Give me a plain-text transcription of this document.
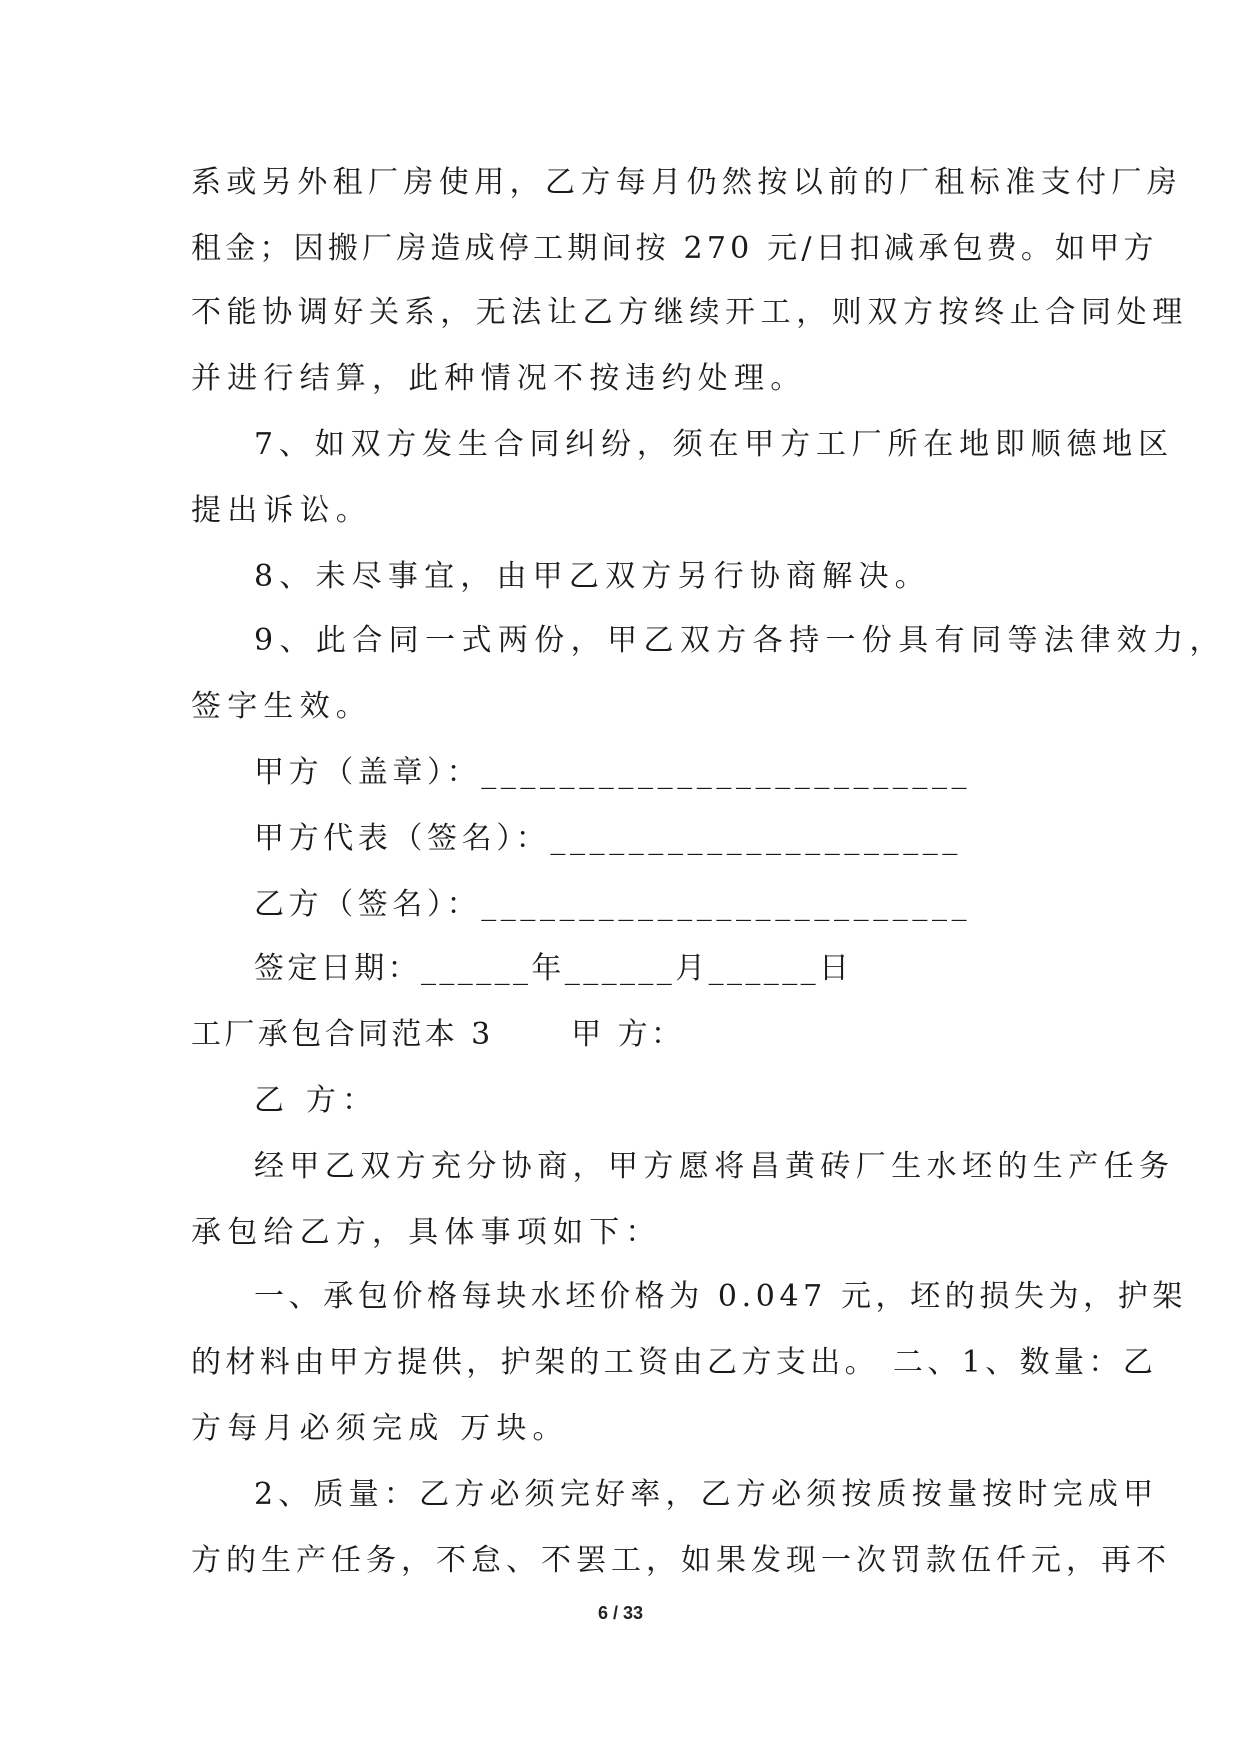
系或另外租厂房使用，乙方每月仍然按以前的厂租标准支付厂房
租金；因搬厂房造成停工期间按 270 元/日扣减承包费。如甲方
不能协调好关系，无法让乙方继续开工，则双方按终止合同处理
并进行结算，此种情况不按违约处理。
7、如双方发生合同纠纷，须在甲方工厂所在地即顺德地区
提出诉讼。
8、未尽事宜，由甲乙双方另行协商解决。
9、此合同一式两份，甲乙双方各持一份具有同等法律效力，
签字生效。
甲方（盖章）：_________________________
甲方代表（签名）：_____________________
乙方（签名）：_________________________
签定日期：______年______月______日
工厂承包合同范本 3      甲 方：
乙 方：
经甲乙双方充分协商，甲方愿将昌黄砖厂生水坯的生产任务
承包给乙方，具体事项如下：
一、承包价格每块水坯价格为 0.047 元，坯的损失为，护架
的材料由甲方提供，护架的工资由乙方支出。 二、1、数量：乙
方每月必须完成 万块。
2、质量：乙方必须完好率，乙方必须按质按量按时完成甲
方的生产任务，不怠、不罢工，如果发现一次罚款伍仟元，再不
6 / 33
